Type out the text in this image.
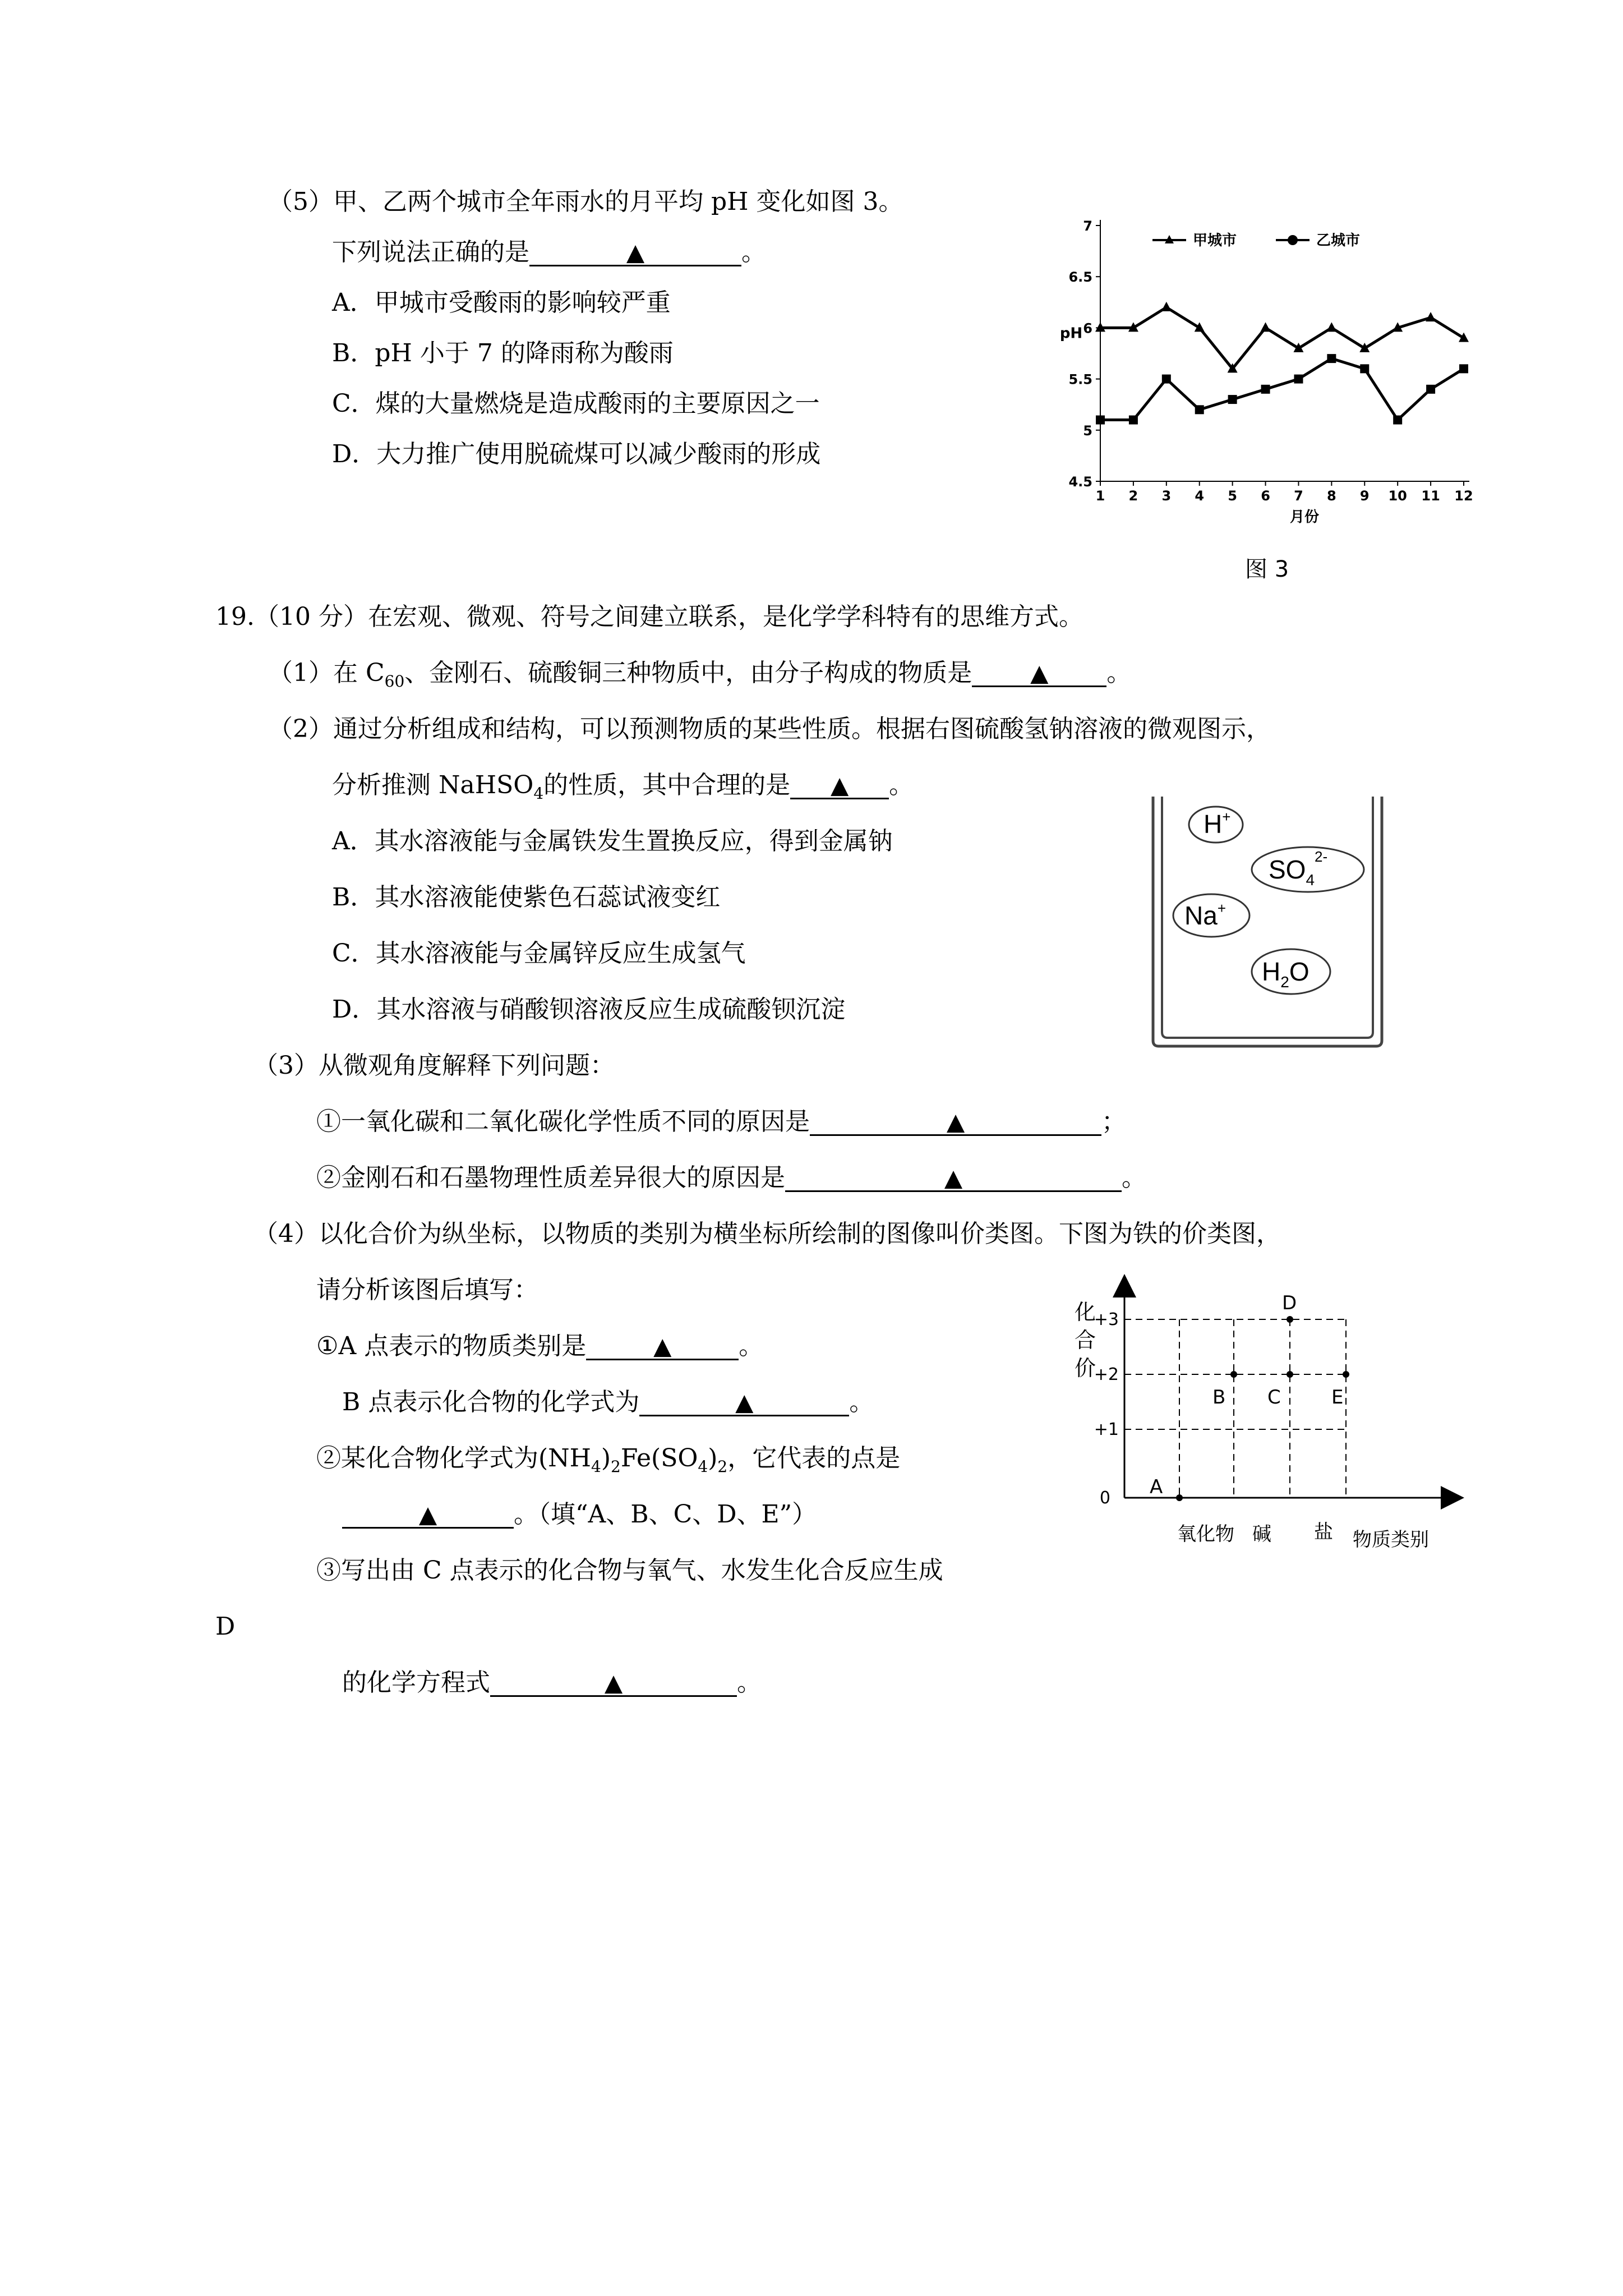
（5）甲、乙两个城市全年雨水的月平均 pH 变化如图 3。
下列说法正确的是	▲	。
A．甲城市受酸雨的影响较严重
B．pH 小于 7 的降雨称为酸雨
C．煤的大量燃烧是造成酸雨的主要原因之一
D．大力推广使用脱硫煤可以减少酸雨的形成
4.5
5
5.5
6
6.5
7
1 2 3 4 5 6 7 8 9 10 11 12
pH
月份
甲城市	乙城市
图 3
19.（10 分）在宏观、微观、符号之间建立联系，是化学学科特有的思维方式。
（1）在 $C_{60}$、金刚石、硫酸铜三种物质中，由分子构成的物质是 ▲ 。
（2）通过分析组成和结构，可以预测物质的某些性质。根据右图硫酸氢钠溶液的微观图示，
分析推测 NaHSO$_4$的性质，其中合理的是 ▲ 。
A．其水溶液能与金属铁发生置换反应，得到金属钠
B．其水溶液能使紫色石蕊试液变红
C．其水溶液能与金属锌反应生成氢气
D．其水溶液与硝酸钡溶液反应生成硫酸钡沉淀
H+
$SO_4^{2-}$
Na+
$H_2O$
（3）从微观角度解释下列问题：
①一氧化碳和二氧化碳化学性质不同的原因是	▲	；
②金刚石和石墨物理性质差异很大的原因是	▲	。
（4）以化合价为纵坐标，以物质的类别为横坐标所绘制的图像叫价类图。下图为铁的价类图，
请分析该图后填写：
①A 点表示的物质类别是	▲	。
B 点表示化合物的化学式为	▲	。
②某化合物化学式为$(NH_4)_2Fe(SO_4)_2$，它代表的点是
▲	。（填“A、B、C、D、E”）
③写出由 C 点表示的化合物与氧气、水发生化合反应生成
D
的化学方程式	▲	。
化
合
价
+3
+2
+1
0 A
B C
D
E
氧化物 碱 盐 物质类别
